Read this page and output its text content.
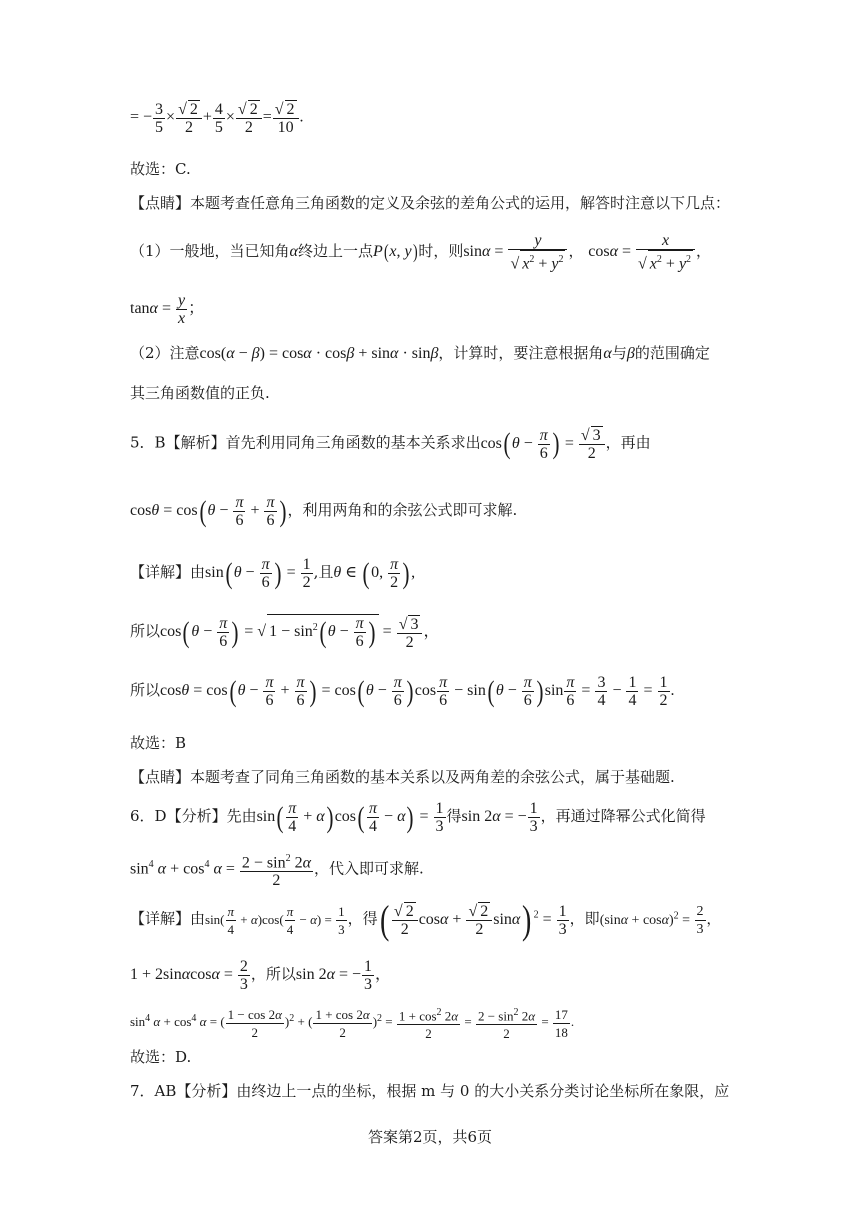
= − $\frac{3}{5} \times \frac{√ 2}{2} + \frac{4}{5} \times \frac{√ 2}{2} = \frac{√ 2}{10}$ .
故选：C.
【点睛】本题考查任意角三角函数的定义及余弦的差角公式的运用，解答时注意以下几点：
（1）一般地，当已知角α终边上一点P(x, y)时，则$\sin\alpha = \frac{y}{√ x^2 + y^2}$ ， $\cos\alpha = \frac{x}{√ x^2 + y^2}$ ，
$\tan\alpha = \frac{y}{x}$ ；
（2）注意cos(α − β) = cosα · cosβ + sinα · sinβ，计算时，要注意根据角α与β的范围确定
其三角函数值的正负.
5．B【解析】首先利用同角三角函数的基本关系求出$\cos(\theta - \frac{\pi}{6}$ ) = $\frac{√ 3}{2}$ ，再由
$\cos\theta = \cos(\theta - \frac{\pi}{6} + \frac{\pi}{6}$ ) ，利用两角和的余弦公式即可求解.
【详解】由$\sin(\theta - \frac{\pi}{6}$ ) = $\frac{1}{2}$ ,且θ ∈ (0, $\frac{\pi}{2}$ ),
所以$\cos(\theta - \frac{\pi}{6}$ ) = √ $1 - \sin^2(\theta - \frac{\pi}{6}$ ) = $\frac{√ 3}{2}$ ，
所以$\cos\theta = \cos(\theta - \frac{\pi}{6} + \frac{\pi}{6}$ ) = $\cos(\theta - \frac{\pi}{6} )\cos \frac{\pi}{6} - \sin(\theta - \frac{\pi}{6} )\sin \frac{\pi}{6} = \frac{3}{4} - \frac{1}{4} = \frac{1}{2}$ .
故选：B
【点睛】本题考查了同角三角函数的基本关系以及两角差的余弦公式，属于基础题.
6．D【分析】先由$\sin( \frac{\pi}{4} + \alpha)\cos( \frac{\pi}{4} - \alpha) = \frac{1}{3}$ 得sin 2α = − $\frac{1}{3}$ ，再通过降幂公式化简得
$\sin^4 \alpha + \cos^4 \alpha = \frac{2 - \sin^2 2\alpha}{2}$ ，代入即可求解.
【详解】由$\sin( \frac{\pi}{4} + \alpha)\cos( \frac{\pi}{4} - \alpha) = \frac{1}{3}$ ，得( $\frac{√ 2}{2}$ $\cos\alpha + \frac{√ 2}{2} \sin\alpha$) $^2 = \frac{1}{3}$ ，即$(\sin\alpha + \cos\alpha)^2 = \frac{2}{3}$ ，
$1 + 2\sin\alpha\cos\alpha = \frac{2}{3}$ ，所以sin 2α = − $\frac{1}{3}$ ，
$\sin^4 \alpha + \cos^4 \alpha$ = ( $\frac{1 - \cos 2\alpha}{2} )^2$ + ( $\frac{1 + \cos 2\alpha}{2} )^2 = \frac{1 + \cos^2 2\alpha}{2} = \frac{2 - \sin^2 2\alpha}{2} = \frac{17}{18}$ .
故选：D.
7．AB【分析】由终边上一点的坐标，根据 m 与 0 的大小关系分类讨论坐标所在象限，应
答案第2页，共6页
